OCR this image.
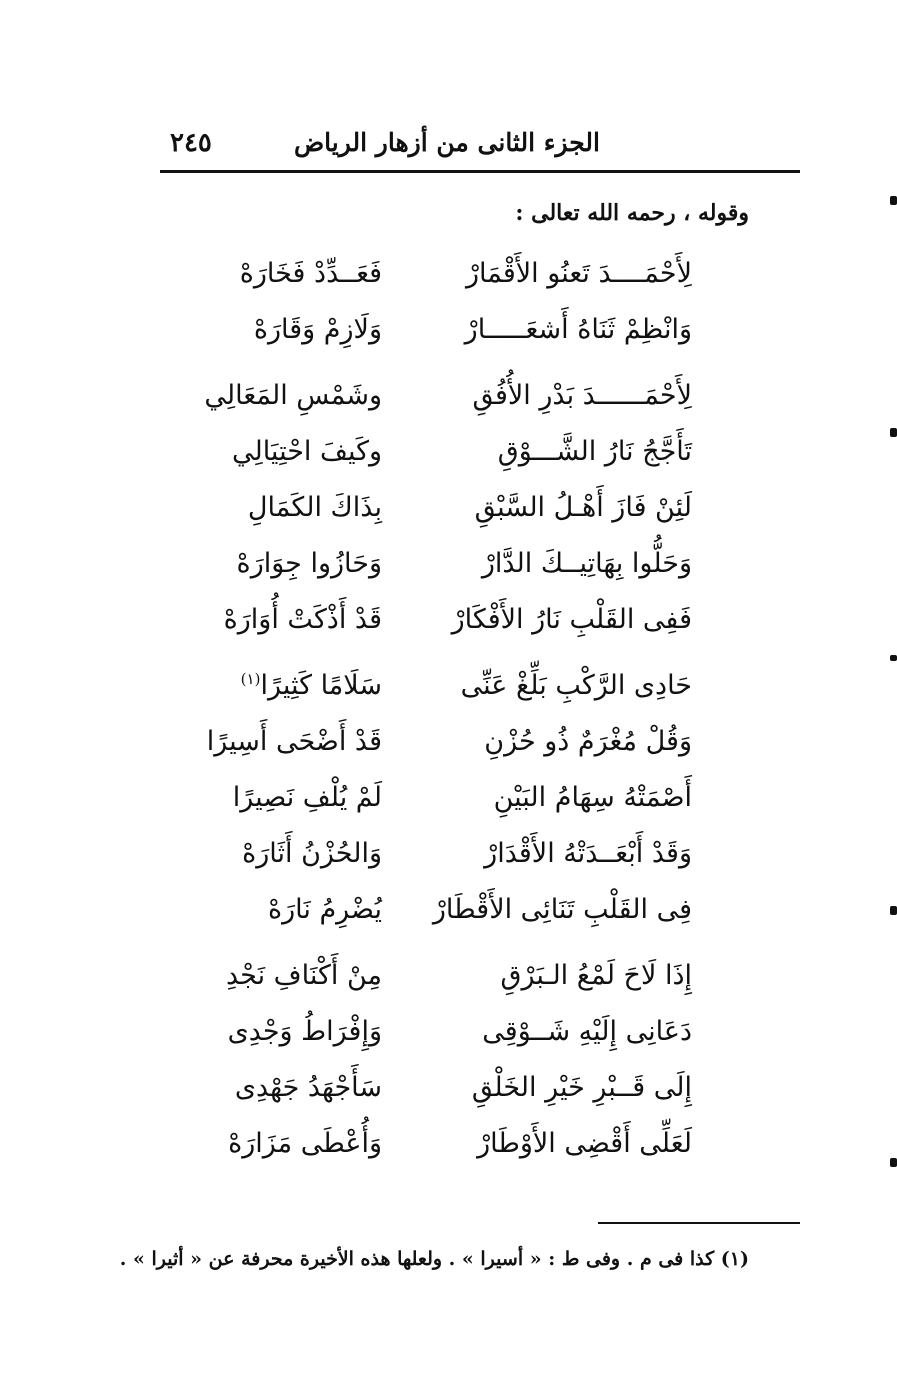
الجزء الثانى من أزهار الرياض
٢٤٥
وقوله ، رحمه الله تعالى :
لِأَحْمَــــدَ تَعنُو الأَقْمَارْ
فَعَــدِّدْ فَخَارَهْ
وَانْظِمْ ثَنَاهُ أَشعَـــــارْ
وَلَازِمْ وَقَارَهْ
لِأَحْمَــــــدَ بَدْرِ الأُفُقِ
وشَمْسِ المَعَالِي
تَأَجَّجُ نَارُ الشَّـــوْقِ
وكَيفَ احْتِيَالِي
لَئِنْ فَازَ أَهْـلُ السَّبْقِ
بِذَاكَ الكَمَالِ
وَحَلُّوا بِهَاتِيــكَ الدَّارْ
وَحَازُوا جِوَارَهْ
فَفِى القَلْبِ نَارُ الأَفْكَارْ
قَدْ أَذْكَتْ أُوَارَهْ
حَادِى الرَّكْبِ بَلِّغْ عَنِّى
سَلَامًا كَثِيرًا$^{(١)}$
وَقُلْ مُغْرَمٌ ذُو حُزْنِ
قَدْ أَضْحَى أَسِيرًا
أَصْمَتْهُ سِهَامُ البَيْنِ
لَمْ يُلْفِ نَصِيرًا
وَقَدْ أَبْعَــدَتْهُ الأَقْدَارْ
وَالحُزْنُ أَثَارَهْ
فِى القَلْبِ تَنَائِى الأَقْطَارْ
يُضْرِمُ نَارَهْ
إِذَا لَاحَ لَمْعُ الـبَرْقِ
مِنْ أَكْنَافِ نَجْدِ
دَعَانِى إِلَيْهِ شَــوْقِى
وَإِفْرَاطُ وَجْدِى
إِلَى قَــبْرِ خَيْرِ الخَلْقِ
سَأَجْهَدُ جَهْدِى
لَعَلِّى أَقْضِى الأَوْطَارْ
وَأُعْطَى مَزَارَهْ
(١) كذا فى م . وفى ط : « أسيرا » . ولعلها هذه الأخيرة محرفة عن « أثيرا » .
